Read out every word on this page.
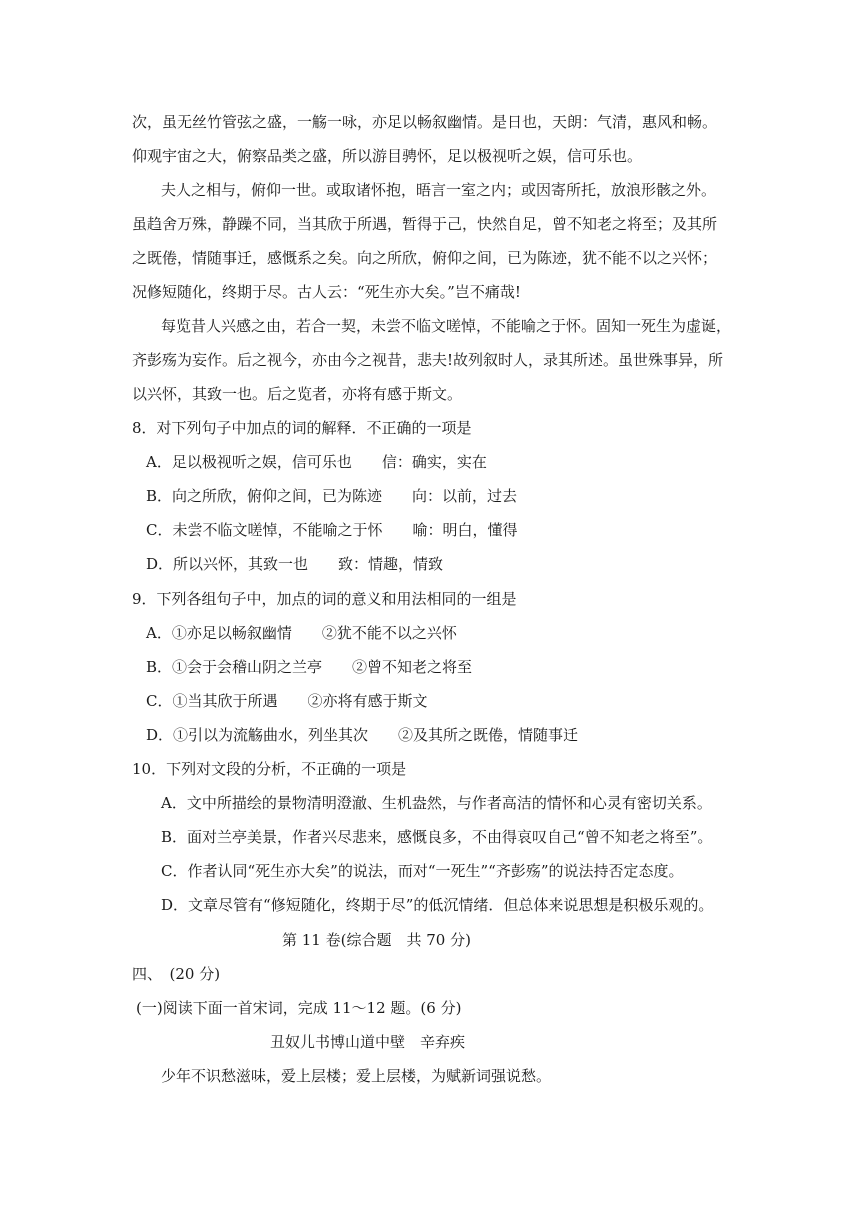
次，虽无丝竹管弦之盛，一觞一咏，亦足以畅叙幽情。是日也，天朗：气清，惠风和畅。
仰观宇宙之大，俯察品类之盛，所以游目骋怀，足以极视听之娱，信可乐也。
夫人之相与，俯仰一世。或取诸怀抱，晤言一室之内；或因寄所托，放浪形骸之外。
虽趋舍万殊，静躁不同，当其欣于所遇，暂得于己，快然自足，曾不知老之将至；及其所
之既倦，情随事迁，感慨系之矣。向之所欣，俯仰之间，已为陈迹，犹不能不以之兴怀；
况修短随化，终期于尽。古人云：“死生亦大矣。”岂不痛哉!
每览昔人兴感之由，若合一契，未尝不临文嗟悼，不能喻之于怀。固知一死生为虚诞，
齐彭殇为妄作。后之视今，亦由今之视昔，悲夫!故列叙时人，录其所述。虽世殊事异，所
以兴怀，其致一也。后之览者，亦将有感于斯文。
8．对下列句子中加点的词的解释．不正确的一项是
A．足以极视听之娱，信可乐也 信：确实，实在
B．向之所欣，俯仰之间，已为陈迹 向：以前，过去
C．未尝不临文嗟悼，不能喻之于怀 喻：明白，懂得
D．所以兴怀，其致一也 致：情趣，情致
9．下列各组句子中，加点的词的意义和用法相同的一组是
A．①亦足以畅叙幽情 ②犹不能不以之兴怀
B．①会于会稽山阴之兰亭 ②曾不知老之将至
C．①当其欣于所遇 ②亦将有感于斯文
D．①引以为流觞曲水，列坐其次 ②及其所之既倦，情随事迁
10．下列对文段的分析，不正确的一项是
A．文中所描绘的景物清明澄澈、生机盎然，与作者高洁的情怀和心灵有密切关系。
B．面对兰亭美景，作者兴尽悲来，感慨良多，不由得哀叹自己“曾不知老之将至”。
C．作者认同“死生亦大矣”的说法，而对“一死生”“齐彭殇”的说法持否定态度。
D．文章尽管有“修短随化，终期于尽”的低沉情绪．但总体来说思想是积极乐观的。
第 11 卷(综合题　共 70 分)
四、　(20 分)
(一)阅读下面一首宋词，完成 11～12 题。(6 分)
丑奴儿书博山道中壁　辛弃疾
少年不识愁滋味，爱上层楼；爱上层楼，为赋新词强说愁。
